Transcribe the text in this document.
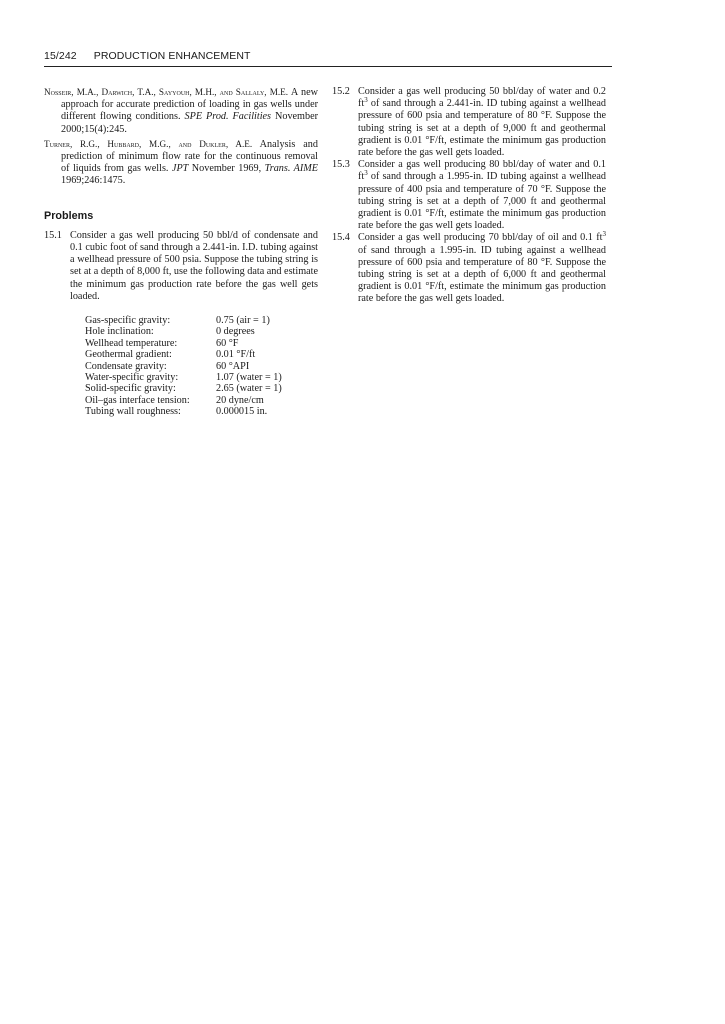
15/242 PRODUCTION ENHANCEMENT

Nosseir, M.A., Darwich, T.A., Sayyouh, M.H., and Sallaly, M.E. A new approach for accurate prediction of loading in gas wells under different flowing conditions. SPE Prod. Facilities November 2000;15(4):245.

Turner, R.G., Hubbard, M.G., and Dukler, A.E. Analysis and prediction of minimum flow rate for the continuous removal of liquids from gas wells. JPT November 1969, Trans. AIME 1969;246:1475.

Problems
15.1 Consider a gas well producing 50 bbl/d of condensate and 0.1 cubic foot of sand through a 2.441-in. I.D. tubing against a wellhead pressure of 500 psia. Suppose the tubing string is set at a depth of 8,000 ft, use the following data and estimate the minimum gas production rate before the gas well gets loaded.
Gas-specific gravity:	0.75 (air = 1)
Hole inclination:	0 degrees
Wellhead temperature:	60 °F
Geothermal gradient:	0.01 °F/ft
Condensate gravity:	60 °API
Water-specific gravity:	1.07 (water = 1)
Solid-specific gravity:	2.65 (water = 1)
Oil–gas interface tension:	20 dyne/cm
Tubing wall roughness:	0.000015 in.
15.2 Consider a gas well producing 50 bbl/day of water and 0.2 $ft^3$ of sand through a 2.441-in. ID tubing against a wellhead pressure of 600 psia and temperature of 80 °F. Suppose the tubing string is set at a depth of 9,000 ft and geothermal gradient is 0.01 °F/ft, estimate the minimum gas production rate before the gas well gets loaded.
15.3 Consider a gas well producing 80 bbl/day of water and 0.1 $ft^3$ of sand through a 1.995-in. ID tubing against a wellhead pressure of 400 psia and temperature of 70 °F. Suppose the tubing string is set at a depth of 7,000 ft and geothermal gradient is 0.01 °F/ft, estimate the minimum gas production rate before the gas well gets loaded.
15.4 Consider a gas well producing 70 bbl/day of oil and 0.1 $ft^3$ of sand through a 1.995-in. ID tubing against a wellhead pressure of 600 psia and temperature of 80 °F. Suppose the tubing string is set at a depth of 6,000 ft and geothermal gradient is 0.01 °F/ft, estimate the minimum gas production rate before the gas well gets loaded.
